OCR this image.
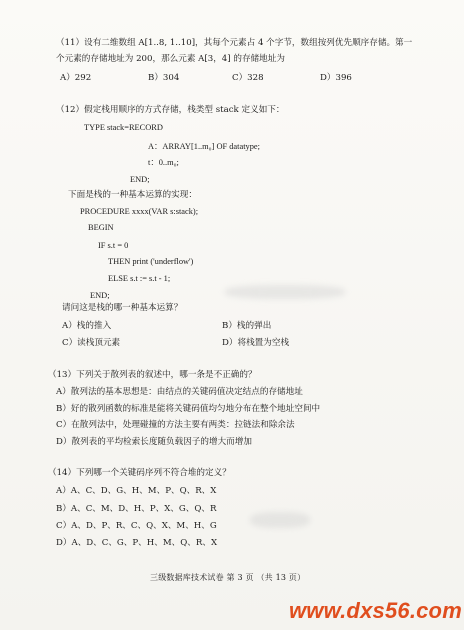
（11）设有二维数组 A[1..8, 1..10]，其每个元素占 4 个字节，数组按列优先顺序存储。第一
个元素的存储地址为 200，那么元素 A[3，4] 的存储地址为
A）292	B）304	C）328	D）396
（12）假定栈用顺序的方式存储，栈类型 stack 定义如下：
TYPE stack=RECORD
A：ARRAY[1..m₀] OF datatype;
t：0..m₀;
END;
下面是栈的一种基本运算的实现：
PROCEDURE xxxx(VAR s:stack);
BEGIN
IF s.t = 0
THEN print ('underflow')
ELSE s.t := s.t - 1;
END;
请问这是栈的哪一种基本运算？
A）栈的推入	B）栈的弹出
C）读栈顶元素	D）将栈置为空栈
（13）下列关于散列表的叙述中，哪一条是不正确的？
A）散列法的基本思想是：由结点的关键码值决定结点的存储地址
B）好的散列函数的标准是能将关键码值均匀地分布在整个地址空间中
C）在散列法中，处理碰撞的方法主要有两类：拉链法和除余法
D）散列表的平均检索长度随负载因子的增大而增加
（14）下列哪一个关键码序列不符合堆的定义？
A）A、C、D、G、H、M、P、Q、R、X
B）A、C、M、D、H、P、X、G、Q、R
C）A、D、P、R、C、Q、X、M、H、G
D）A、D、C、G、P、H、M、Q、R、X
三级数据库技术试卷 第 3 页 （共 13 页）
www.dxs56.com
